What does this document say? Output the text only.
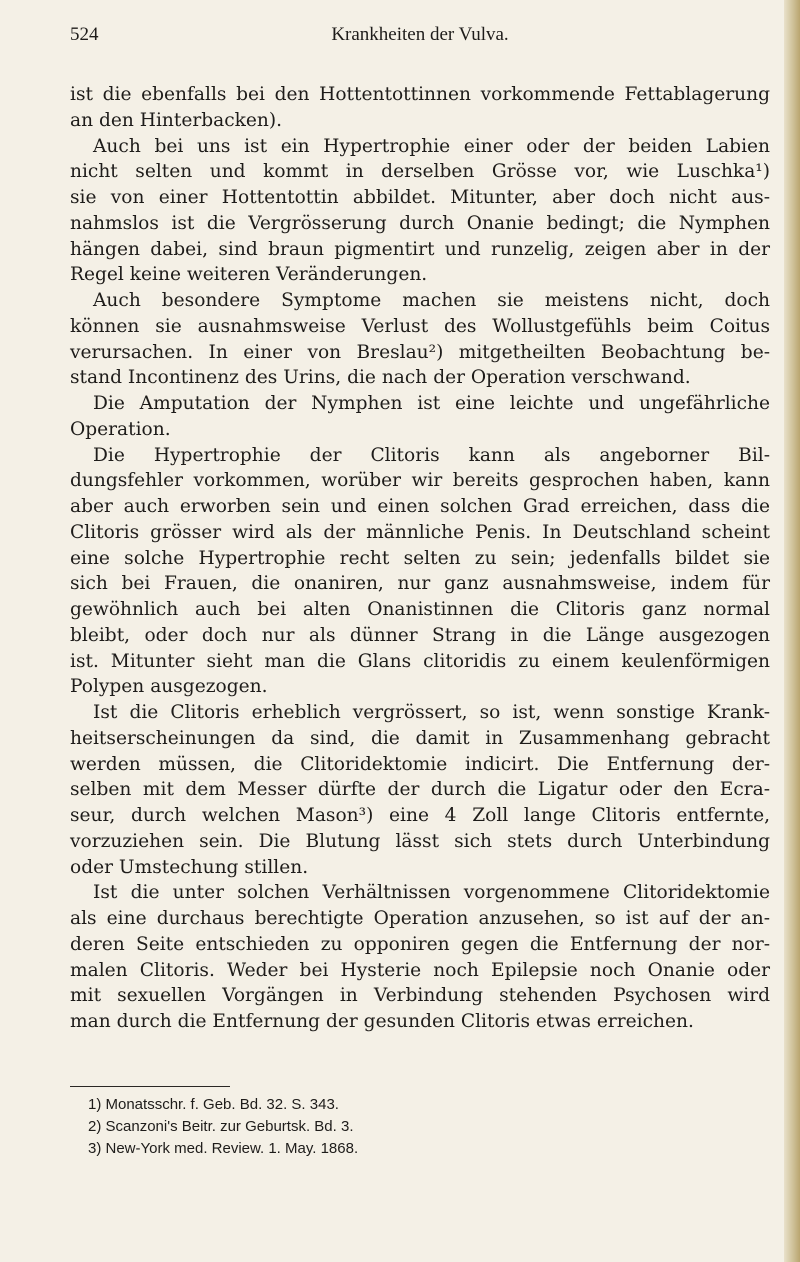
524	Krankheiten der Vulva.
ist die ebenfalls bei den Hottentottinnen vorkommende Fettablagerung
an den Hinterbacken).
Auch bei uns ist ein Hypertrophie einer oder der beiden Labien
nicht selten und kommt in derselben Grösse vor, wie Luschka¹)
sie von einer Hottentottin abbildet. Mitunter, aber doch nicht aus-
nahmslos ist die Vergrösserung durch Onanie bedingt; die Nymphen
hängen dabei, sind braun pigmentirt und runzelig, zeigen aber in der
Regel keine weiteren Veränderungen.
Auch besondere Symptome machen sie meistens nicht, doch
können sie ausnahmsweise Verlust des Wollustgefühls beim Coitus
verursachen. In einer von Breslau²) mitgetheilten Beobachtung be-
stand Incontinenz des Urins, die nach der Operation verschwand.
Die Amputation der Nymphen ist eine leichte und ungefährliche
Operation.
Die Hypertrophie der Clitoris kann als angeborner Bil-
dungsfehler vorkommen, worüber wir bereits gesprochen haben, kann
aber auch erworben sein und einen solchen Grad erreichen, dass die
Clitoris grösser wird als der männliche Penis. In Deutschland scheint
eine solche Hypertrophie recht selten zu sein; jedenfalls bildet sie
sich bei Frauen, die onaniren, nur ganz ausnahmsweise, indem für
gewöhnlich auch bei alten Onanistinnen die Clitoris ganz normal
bleibt, oder doch nur als dünner Strang in die Länge ausgezogen
ist. Mitunter sieht man die Glans clitoridis zu einem keulenförmigen
Polypen ausgezogen.
Ist die Clitoris erheblich vergrössert, so ist, wenn sonstige Krank-
heitserscheinungen da sind, die damit in Zusammenhang gebracht
werden müssen, die Clitoridektomie indicirt. Die Entfernung der-
selben mit dem Messer dürfte der durch die Ligatur oder den Ecra-
seur, durch welchen Mason³) eine 4 Zoll lange Clitoris entfernte,
vorzuziehen sein. Die Blutung lässt sich stets durch Unterbindung
oder Umstechung stillen.
Ist die unter solchen Verhältnissen vorgenommene Clitoridektomie
als eine durchaus berechtigte Operation anzusehen, so ist auf der an-
deren Seite entschieden zu opponiren gegen die Entfernung der nor-
malen Clitoris. Weder bei Hysterie noch Epilepsie noch Onanie oder
mit sexuellen Vorgängen in Verbindung stehenden Psychosen wird
man durch die Entfernung der gesunden Clitoris etwas erreichen.
1) Monatsschr. f. Geb. Bd. 32. S. 343.
2) Scanzoni's Beitr. zur Geburtsk. Bd. 3.
3) New-York med. Review. 1. May. 1868.
